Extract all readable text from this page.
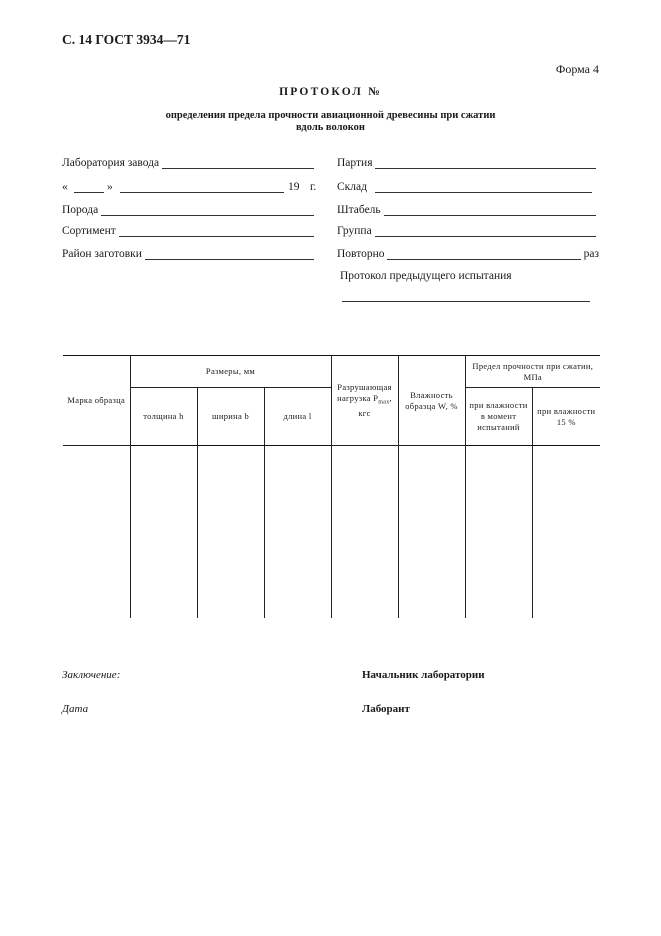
С. 14 ГОСТ 3934—71
Форма 4
ПРОТОКОЛ №
определения предела прочности авиационной древесины при сжатии
вдоль волокон
Лаборатория завода
«	»	19 г.
Порода
Сортимент
Район заготовки
Партия
Склад
Штабель
Группа
Повторно	раз
Протокол предыдущего испытания
Марка образца	Размеры, мм			Разрушающая нагрузка $P_{max}$, кгс	Влажность образца W, %	Предел прочности при сжатии, МПа	
	толщина h	ширина b	длина l			при влажности в момент испытаний	при влажности 15 %

Заключение:	Начальник лаборатории
Дата	Лаборант
